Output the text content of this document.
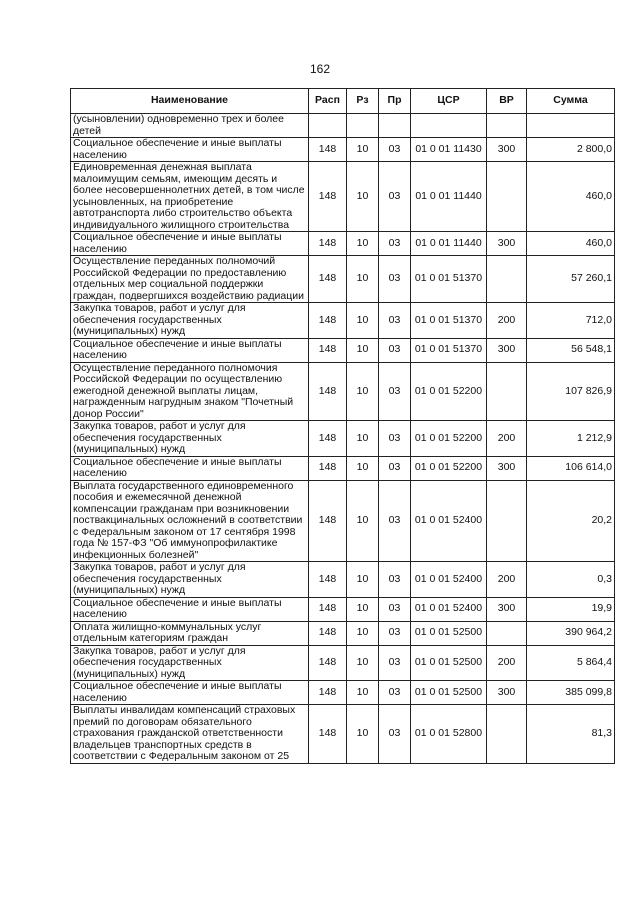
162
Наименование	Расп	Рз	Пр	ЦСР	ВР	Сумма
(усыновлении) одновременно трех и более детей						
Социальное обеспечение и иные выплаты населению	148	10	03	01 0 01 11430	300	2 800,0
Единовременная денежная выплата малоимущим семьям, имеющим десять и более несовершеннолетних детей, в том числе усыновленных, на приобретение автотранспорта либо строительство объекта индивидуального жилищного строительства	148	10	03	01 0 01 11440		460,0
Социальное обеспечение и иные выплаты населению	148	10	03	01 0 01 11440	300	460,0
Осуществление переданных полномочий Российской Федерации по предоставлению отдельных мер социальной поддержки граждан, подвергшихся воздействию радиации	148	10	03	01 0 01 51370		57 260,1
Закупка товаров, работ и услуг для обеспечения государственных (муниципальных) нужд	148	10	03	01 0 01 51370	200	712,0
Социальное обеспечение и иные выплаты населению	148	10	03	01 0 01 51370	300	56 548,1
Осуществление переданного полномочия Российской Федерации по осуществлению ежегодной денежной выплаты лицам, награжденным нагрудным знаком "Почетный донор России"	148	10	03	01 0 01 52200		107 826,9
Закупка товаров, работ и услуг для обеспечения государственных (муниципальных) нужд	148	10	03	01 0 01 52200	200	1 212,9
Социальное обеспечение и иные выплаты населению	148	10	03	01 0 01 52200	300	106 614,0
Выплата государственного единовременного пособия и ежемесячной денежной компенсации гражданам при возникновении поствакцинальных осложнений в соответствии с Федеральным законом от 17 сентября 1998 года № 157-ФЗ "Об иммунопрофилактике инфекционных болезней"	148	10	03	01 0 01 52400		20,2
Закупка товаров, работ и услуг для обеспечения государственных (муниципальных) нужд	148	10	03	01 0 01 52400	200	0,3
Социальное обеспечение и иные выплаты населению	148	10	03	01 0 01 52400	300	19,9
Оплата жилищно-коммунальных услуг отдельным категориям граждан	148	10	03	01 0 01 52500		390 964,2
Закупка товаров, работ и услуг для обеспечения государственных (муниципальных) нужд	148	10	03	01 0 01 52500	200	5 864,4
Социальное обеспечение и иные выплаты населению	148	10	03	01 0 01 52500	300	385 099,8
Выплаты инвалидам компенсаций страховых премий по договорам обязательного страхования гражданской ответственности владельцев транспортных средств в соответствии с Федеральным законом от 25	148	10	03	01 0 01 52800		81,3
